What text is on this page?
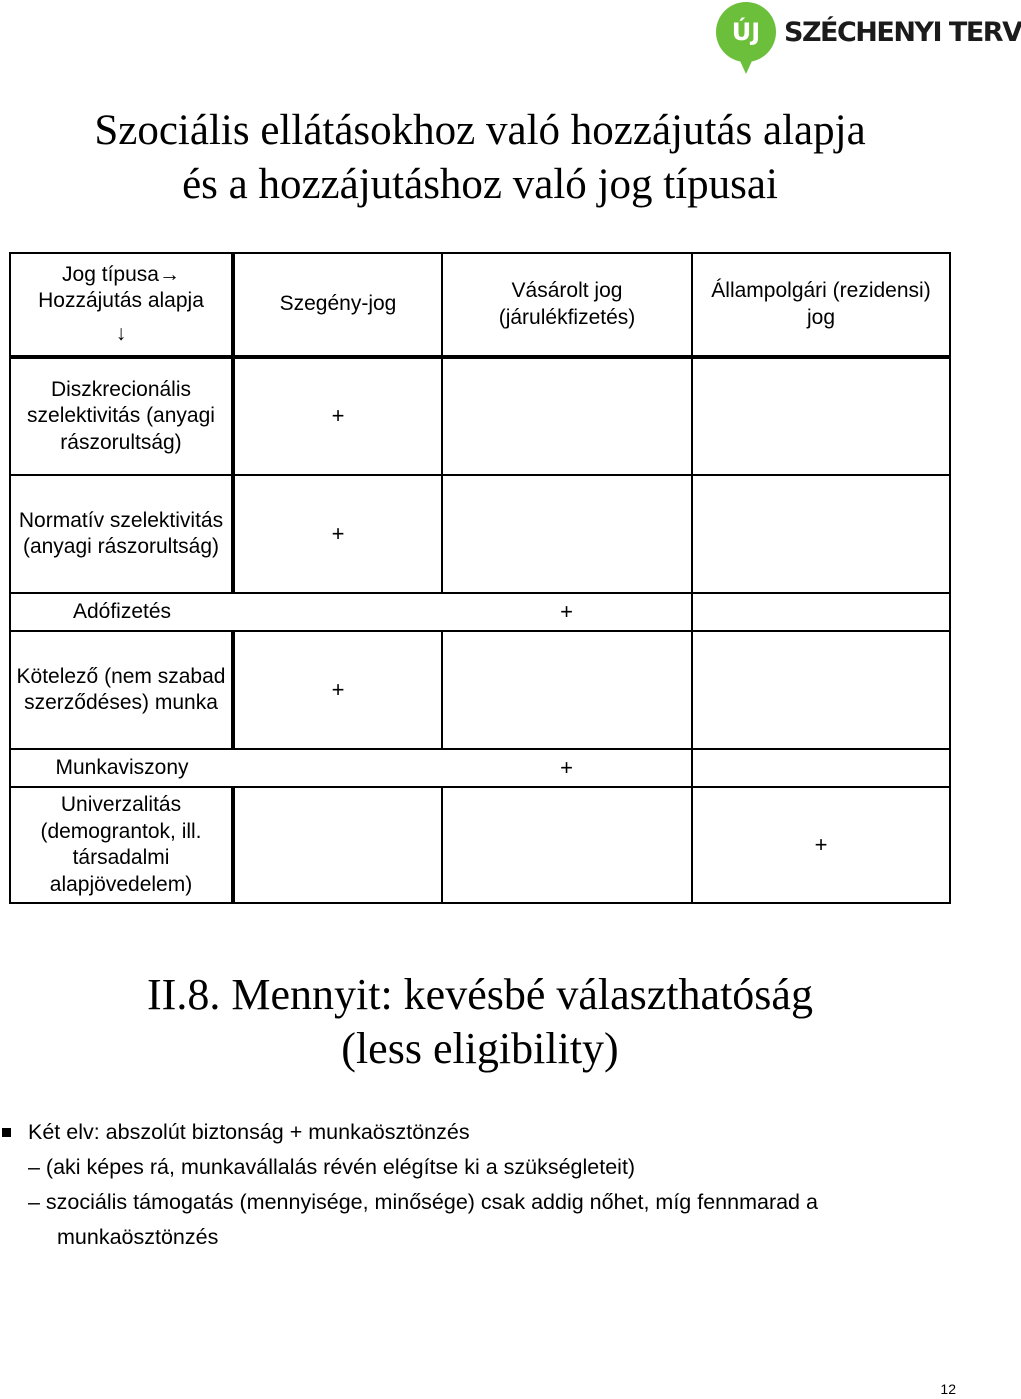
ÚJ SZÉCHENYI TERV
Szociális ellátásokhoz való hozzájutás alapja
és a hozzájutáshoz való jog típusai
Jog típusa→
Hozzájutás alapja
↓	Szegény-jog	Vásárolt jog (járulékfizetés)	Állampolgári (rezidensi) jog
Diszkrecionális szelektivitás (anyagi rászorultság)	+		
Normatív szelektivitás (anyagi rászorultság)	+		
Adófizetés		+	
Kötelező (nem szabad szerződéses) munka	+		
Munkaviszony		+	
Univerzalitás (demograntok, ill. társadalmi alapjövedelem)			+
II.8. Mennyit: kevésbé választhatóság
(less eligibility)
Két elv: abszolút biztonság + munkaösztönzés
– (aki képes rá, munkavállalás révén elégítse ki a szükségleteit)
– szociális támogatás (mennyisége, minősége) csak addig nőhet, míg fennmarad a
munkaösztönzés
12
